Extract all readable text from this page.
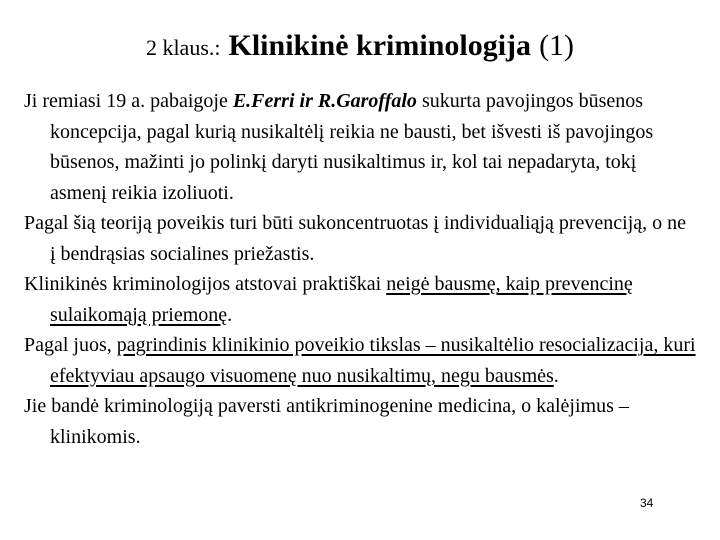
2 klaus.: Klinikinė kriminologija (1)

Ji remiasi 19 a. pabaigoje E.Ferri ir R.Garoffalo sukurta pavojingos būsenos koncepcija, pagal kurią nusikaltėlį reikia ne bausti, bet išvesti iš pavojingos būsenos, mažinti jo polinkį daryti nusikaltimus ir, kol tai nepadaryta, tokį asmenį reikia izoliuoti.

Pagal šią teoriją poveikis turi būti sukoncentruotas į individualiąją prevenciją, o ne į bendrąsias socialines priežastis.

Klinikinės kriminologijos atstovai praktiškai neigė bausmę, kaip prevencinę sulaikomąją priemonę.

Pagal juos, pagrindinis klinikinio poveikio tikslas – nusikaltėlio resocializacija, kuri efektyviau apsaugo visuomenę nuo nusikaltimų, negu bausmės.

Jie bandė kriminologiją paversti antikriminogenine medicina, o kalėjimus – klinikomis.

34
